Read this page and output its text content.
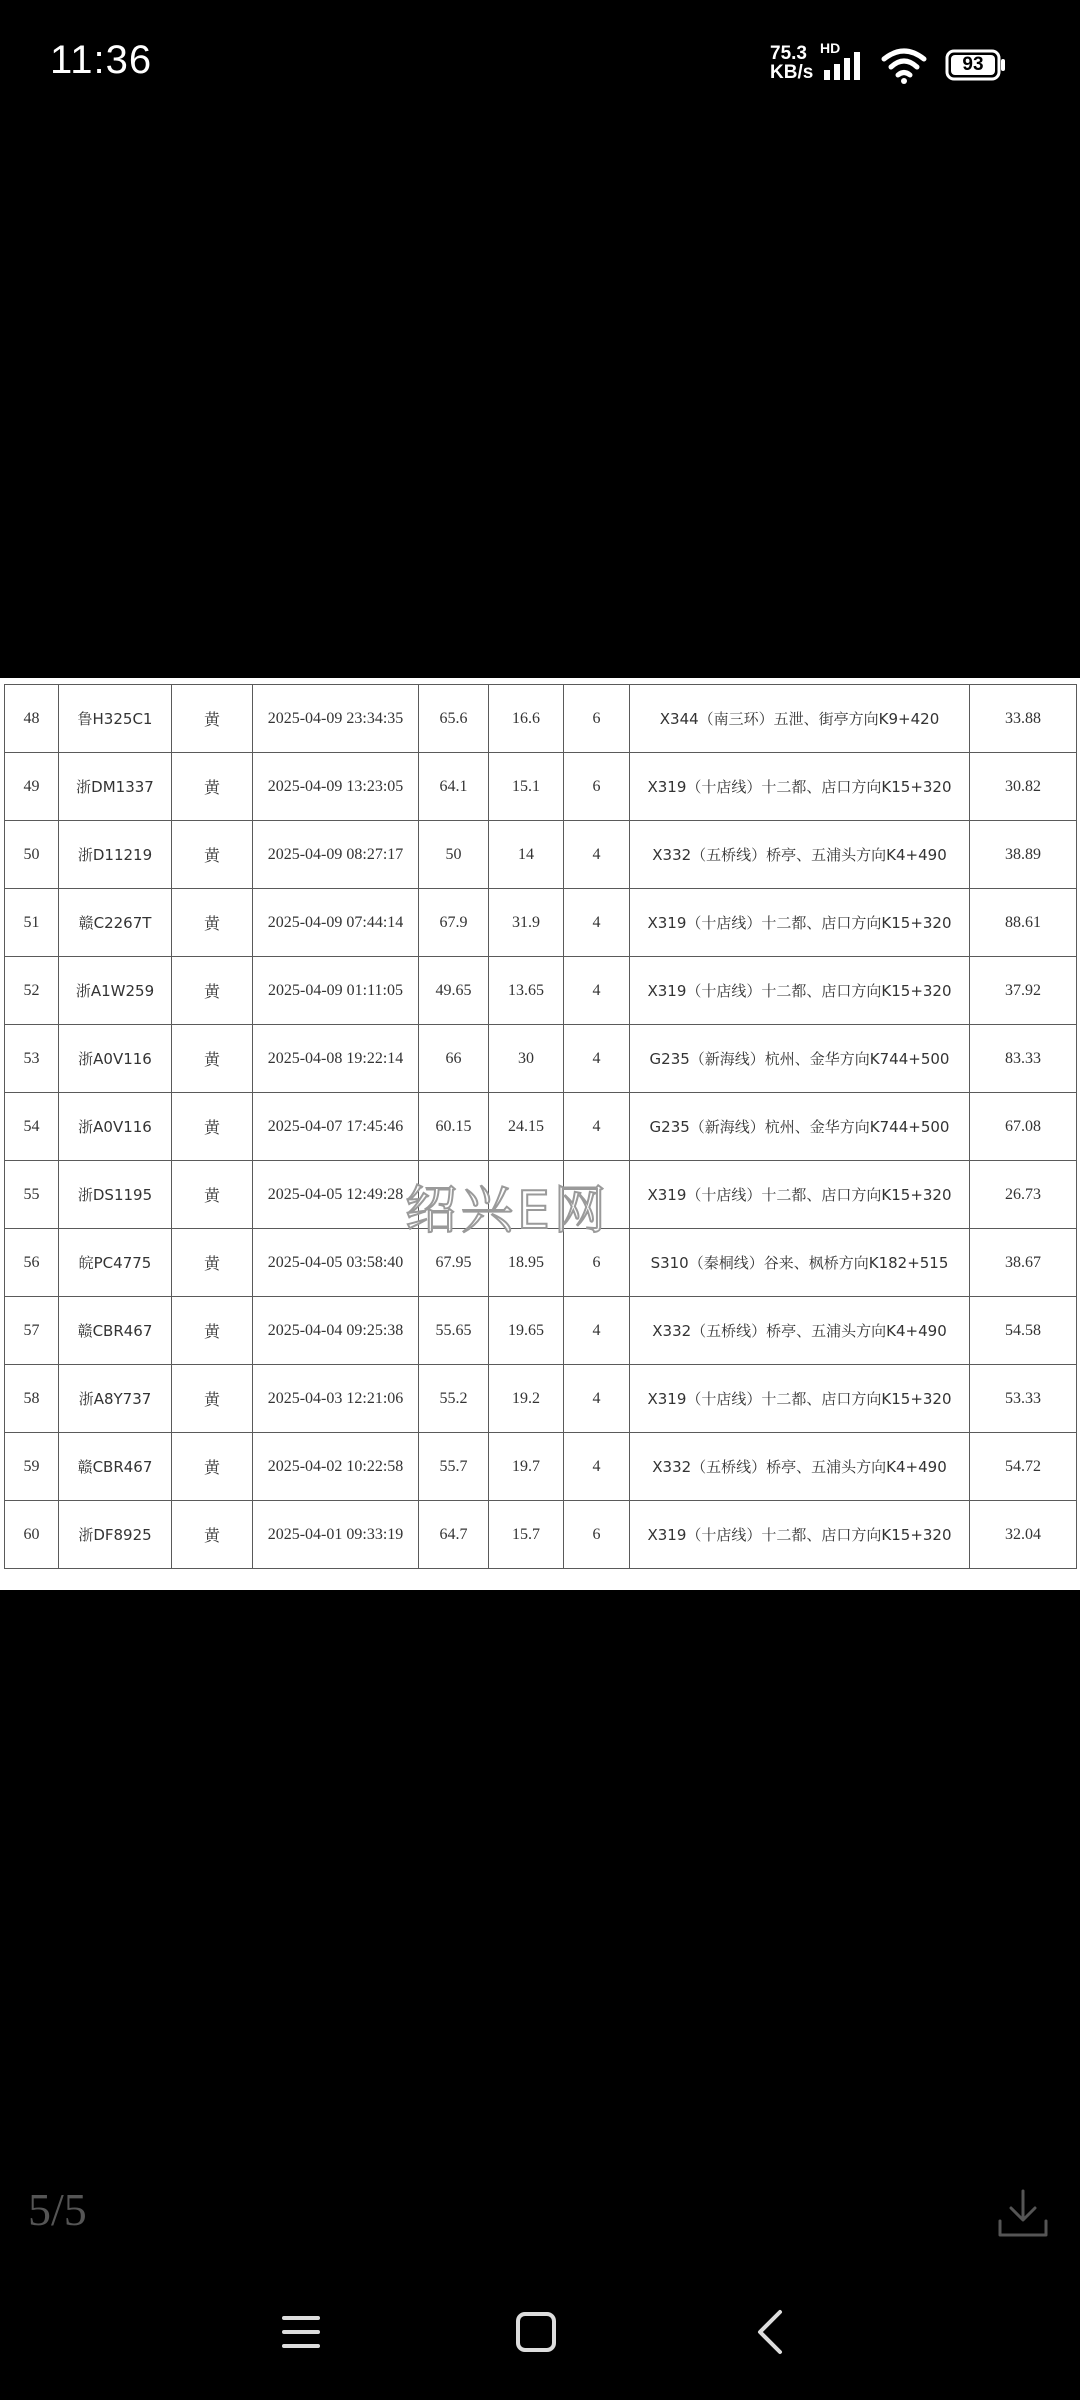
11:36	75.3
KB/s
HD
93
48	鲁H325C1	黄	2025-04-09 23:34:35	65.6	16.6	6	X344（南三环）五泄、街亭方向K9+420	33.88
49	浙DM1337	黄	2025-04-09 13:23:05	64.1	15.1	6	X319（十店线）十二都、店口方向K15+320	30.82
50	浙D11219	黄	2025-04-09 08:27:17	50	14	4	X332（五桥线）桥亭、五浦头方向K4+490	38.89
51	赣C2267T	黄	2025-04-09 07:44:14	67.9	31.9	4	X319（十店线）十二都、店口方向K15+320	88.61
52	浙A1W259	黄	2025-04-09 01:11:05	49.65	13.65	4	X319（十店线）十二都、店口方向K15+320	37.92
53	浙A0V116	黄	2025-04-08 19:22:14	66	30	4	G235（新海线）杭州、金华方向K744+500	83.33
54	浙A0V116	黄	2025-04-07 17:45:46	60.15	24.15	4	G235（新海线）杭州、金华方向K744+500	67.08
55	浙DS1195	黄	2025-04-05 12:49:28				X319（十店线）十二都、店口方向K15+320	26.73
56	皖PC4775	黄	2025-04-05 03:58:40	67.95	18.95	6	S310（秦桐线）谷来、枫桥方向K182+515	38.67
57	赣CBR467	黄	2025-04-04 09:25:38	55.65	19.65	4	X332（五桥线）桥亭、五浦头方向K4+490	54.58
58	浙A8Y737	黄	2025-04-03 12:21:06	55.2	19.2	4	X319（十店线）十二都、店口方向K15+320	53.33
59	赣CBR467	黄	2025-04-02 10:22:58	55.7	19.7	4	X332（五桥线）桥亭、五浦头方向K4+490	54.72
60	浙DF8925	黄	2025-04-01 09:33:19	64.7	15.7	6	X319（十店线）十二都、店口方向K15+320	32.04
绍兴E网
5/5
